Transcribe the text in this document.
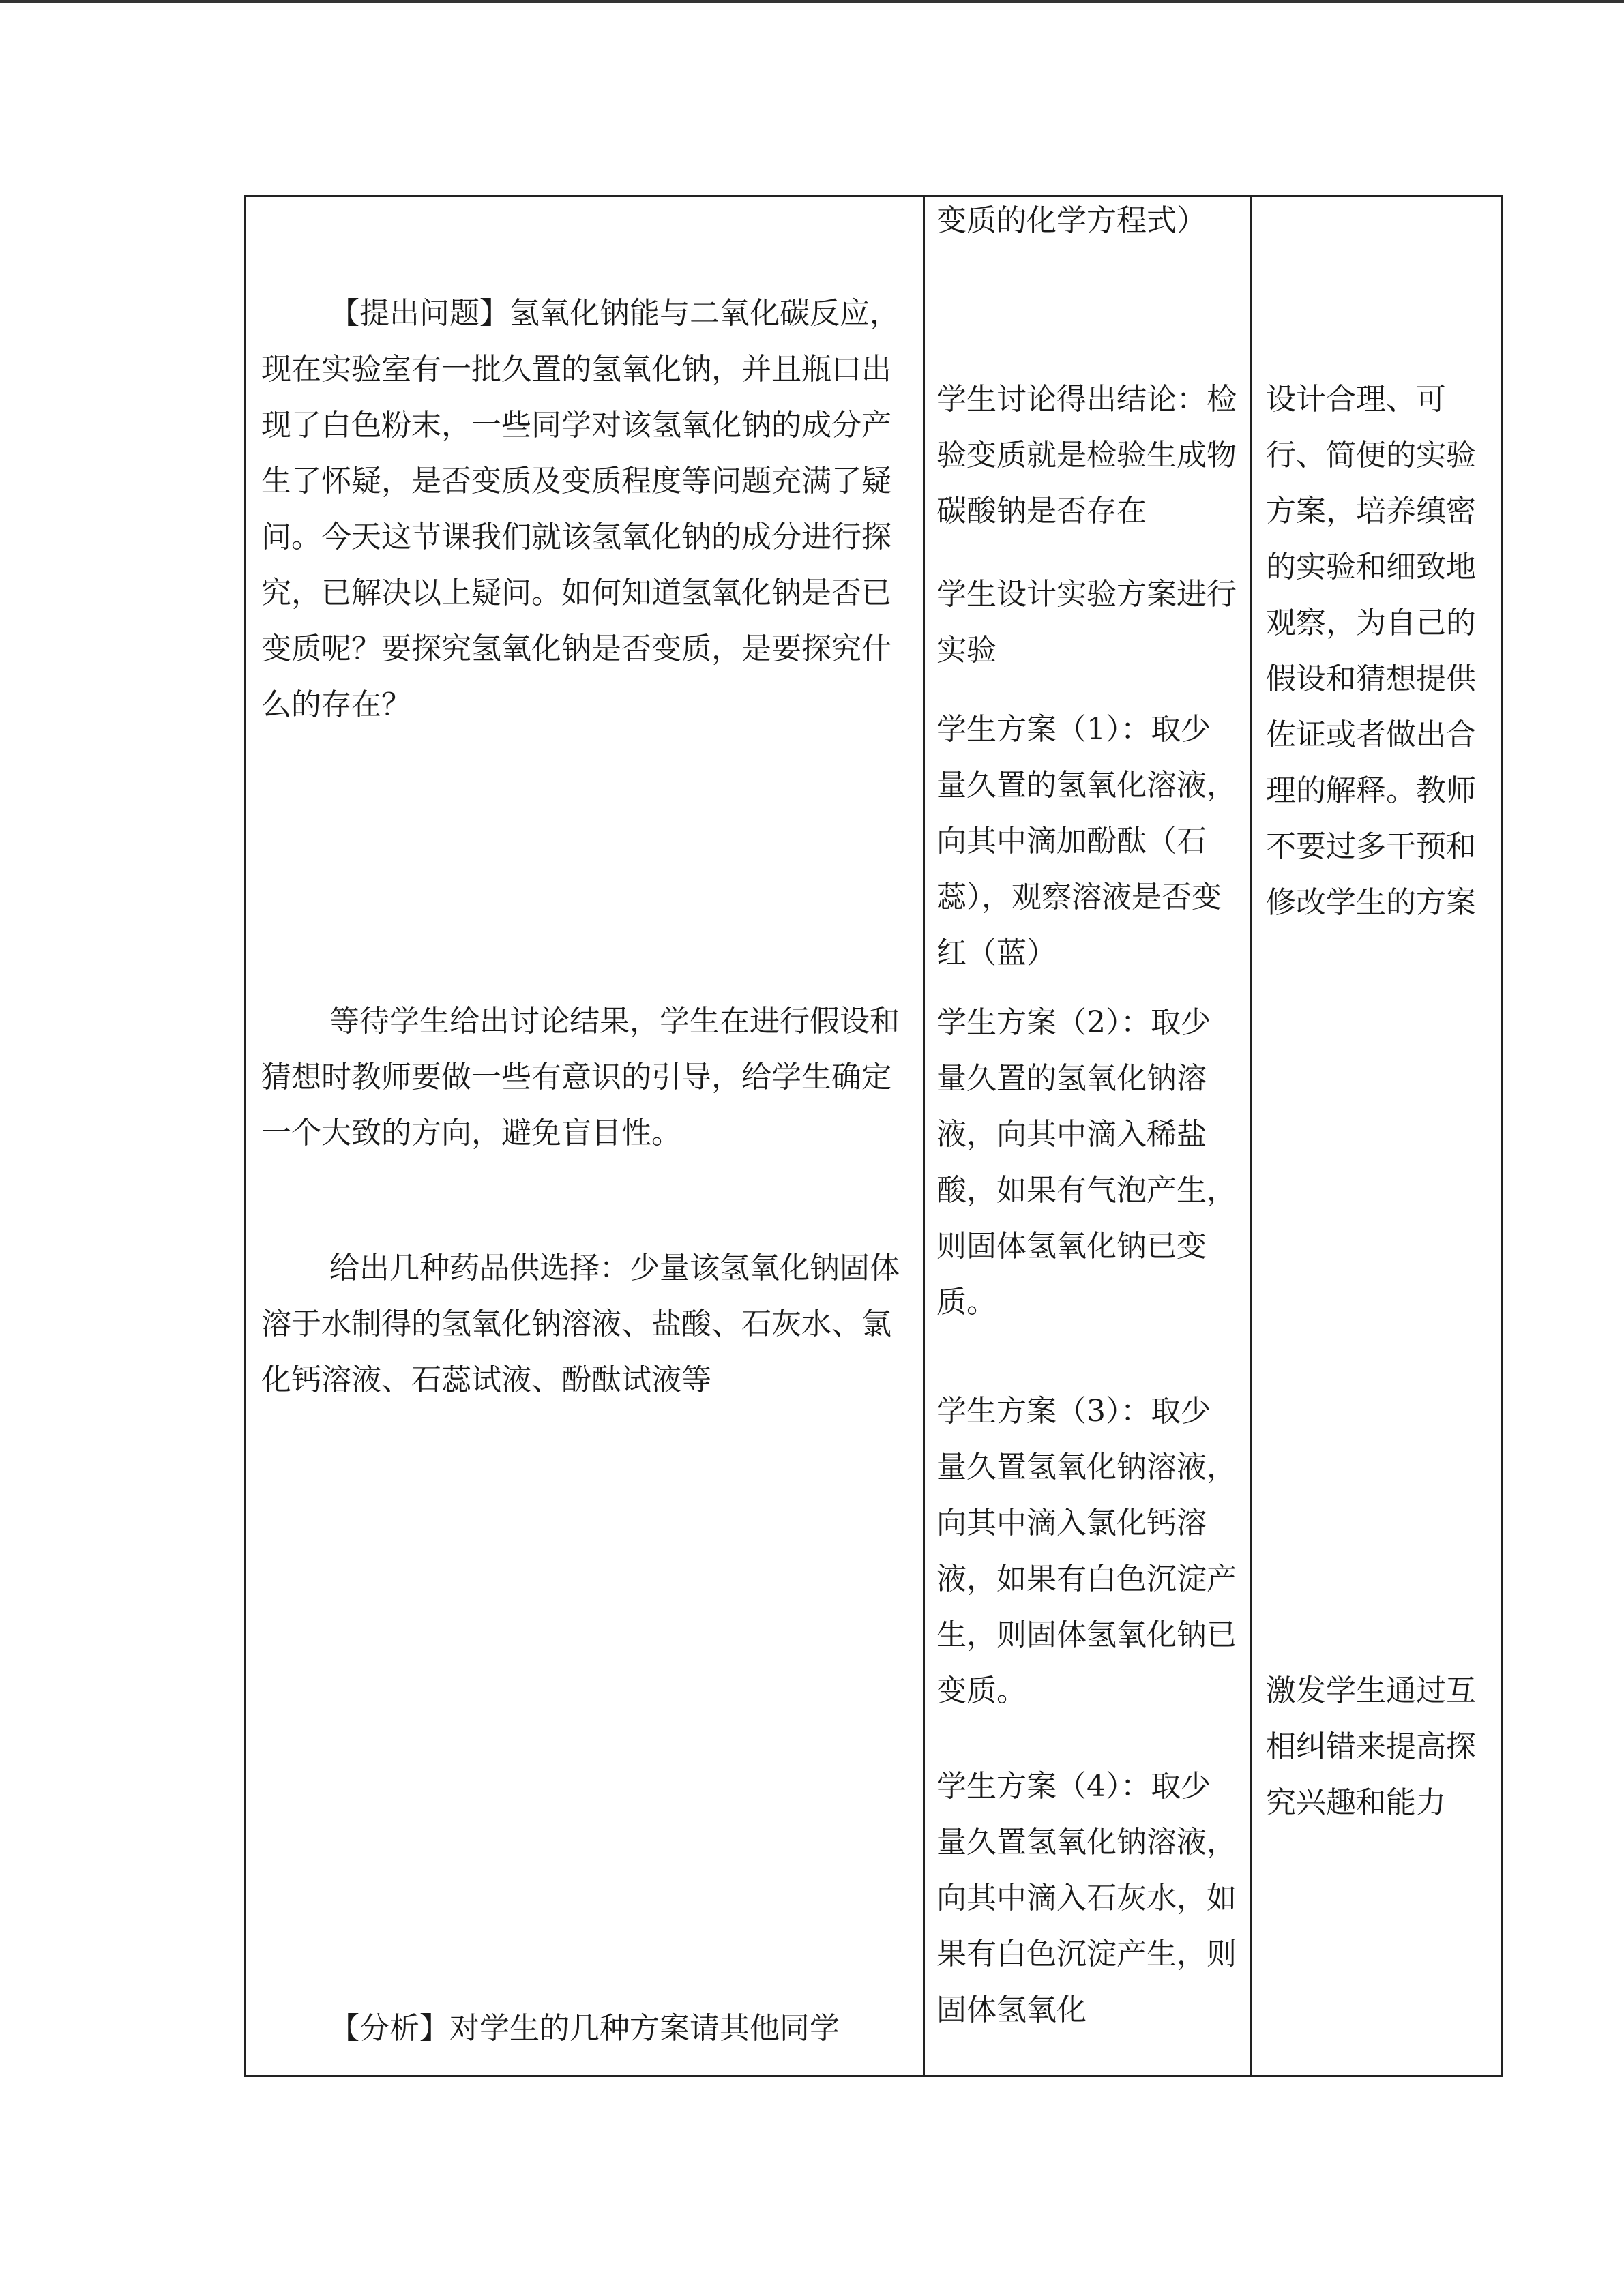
【提出问题】氢氧化钠能与二氧化碳反应，现在实验室有一批久置的氢氧化钠，并且瓶口出现了白色粉末，一些同学对该氢氧化钠的成分产生了怀疑，是否变质及变质程度等问题充满了疑问。今天这节课我们就该氢氧化钠的成分进行探究，已解决以上疑问。如何知道氢氧化钠是否已变质呢？要探究氢氧化钠是否变质，是要探究什么的存在？

等待学生给出讨论结果，学生在进行假设和猜想时教师要做一些有意识的引导，给学生确定一个大致的方向，避免盲目性。

给出几种药品供选择：少量该氢氧化钠固体溶于水制得的氢氧化钠溶液、盐酸、石灰水、氯化钙溶液、石蕊试液、酚酞试液等

【分析】对学生的几种方案请其他同学

变质的化学方程式）

学生讨论得出结论：检验变质就是检验生成物碳酸钠是否存在

学生设计实验方案进行实验

学生方案（1）：取少量久置的氢氧化溶液，向其中滴加酚酞（石蕊），观察溶液是否变红（蓝）

学生方案（2）：取少量久置的氢氧化钠溶液，向其中滴入稀盐酸，如果有气泡产生，则固体氢氧化钠已变质。

学生方案（3）：取少量久置氢氧化钠溶液，向其中滴入氯化钙溶液，如果有白色沉淀产生，则固体氢氧化钠已变质。

学生方案（4）：取少量久置氢氧化钠溶液，向其中滴入石灰水，如果有白色沉淀产生，则固体氢氧化

设计合理、可行、简便的实验方案，培养缜密的实验和细致地观察，为自己的假设和猜想提供佐证或者做出合理的解释。教师不要过多干预和修改学生的方案

激发学生通过互相纠错来提高探究兴趣和能力
